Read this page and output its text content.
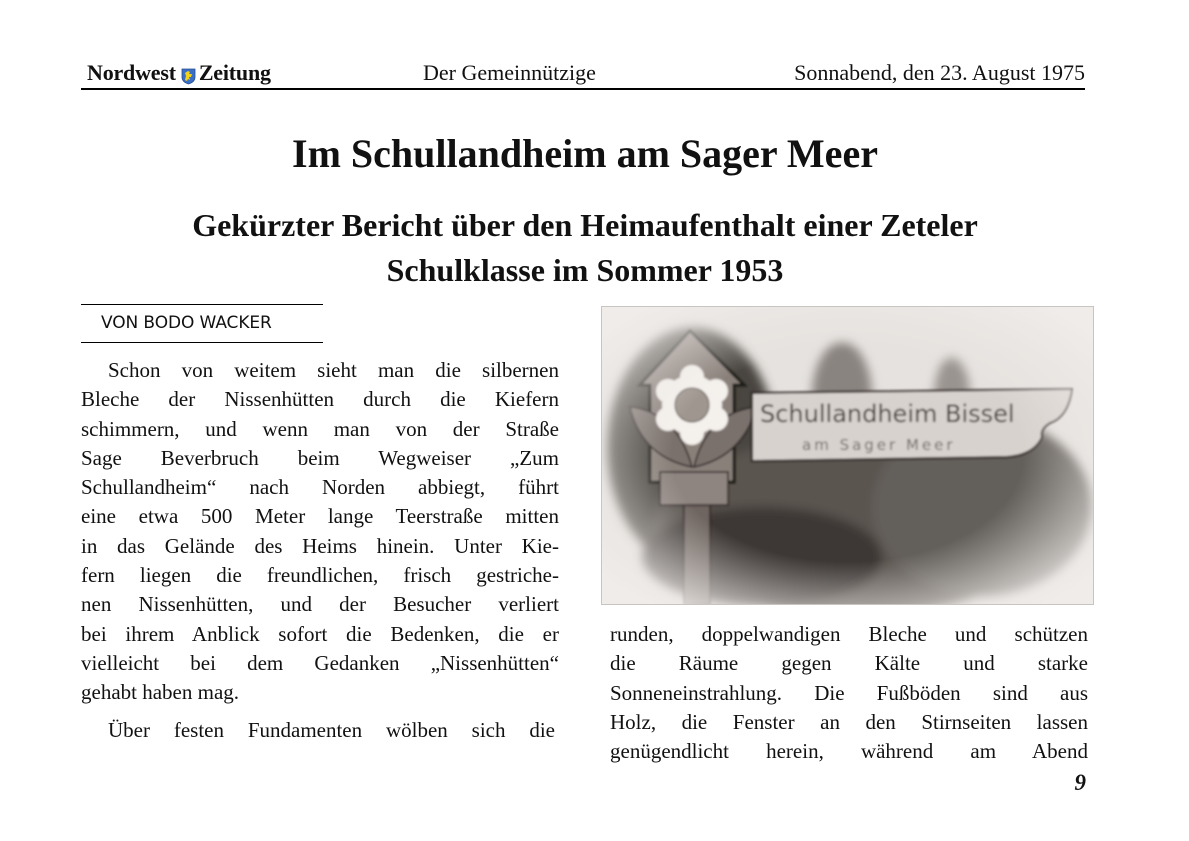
Nordwest Zeitung	Der Gemeinnützige	Sonnabend, den 23. August 1975
Im Schullandheim am Sager Meer
Gekürzter Bericht über den Heimaufenthalt einer Zeteler
Schulklasse im Sommer 1953
VON BODO WACKER

Schon von weitem sieht man die silbernen
Bleche der Nissenhütten durch die Kiefern
schimmern, und wenn man von der Straße
Sage Beverbruch beim Wegweiser „Zum
Schullandheim“ nach Norden abbiegt, führt
eine etwa 500 Meter lange Teerstraße mitten
in das Gelände des Heims hinein. Unter Kie-
fern liegen die freundlichen, frisch gestriche-
nen Nissenhütten, und der Besucher verliert
bei ihrem Anblick sofort die Bedenken, die er
vielleicht bei dem Gedanken „Nissenhütten“
gehabt haben mag.

Über festen Fundamenten wölben sich die

runden, doppelwandigen Bleche und schützen
die Räume gegen Kälte und starke
Sonneneinstrahlung. Die Fußböden sind aus
Holz, die Fenster an den Stirnseiten lassen
genügendlicht herein, während am Abend

9
